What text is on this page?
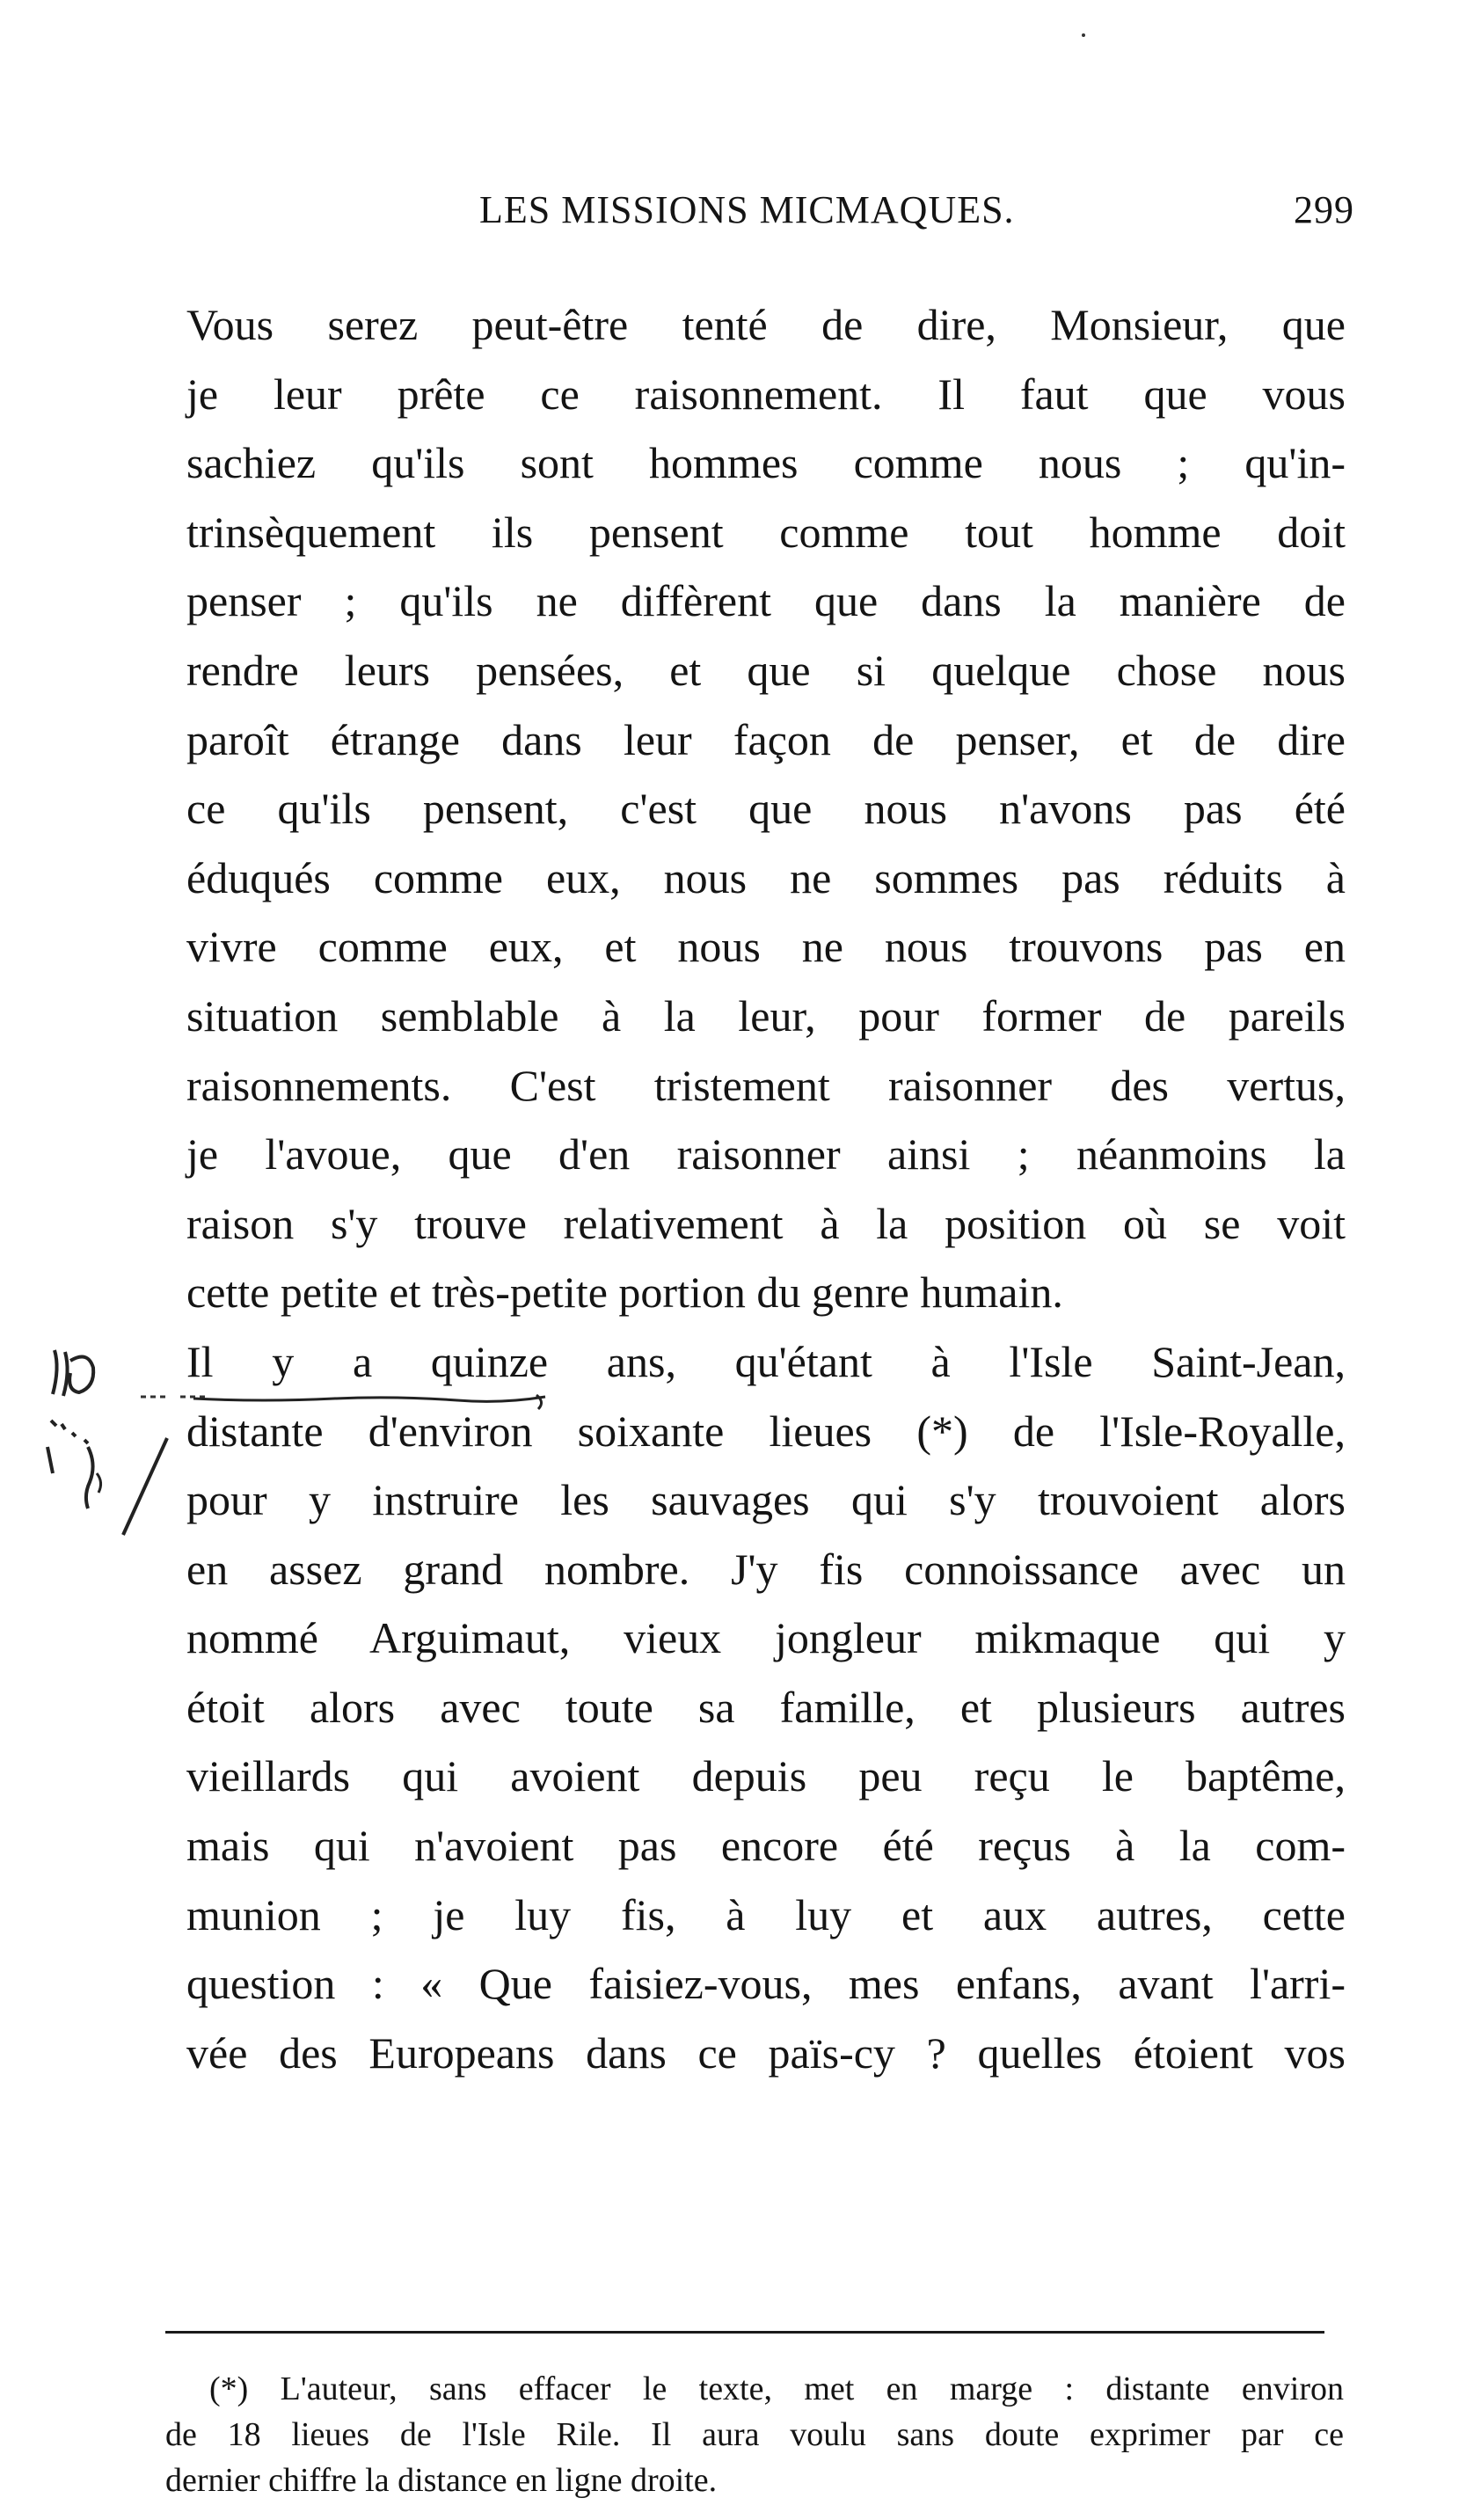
LES MISSIONS MICMAQUES.	299
Vous serez peut-être tenté de dire, Monsieur, que
je leur prête ce raisonnement. Il faut que vous
sachiez qu'ils sont hommes comme nous ; qu'in-
trinsèquement ils pensent comme tout homme doit
penser ; qu'ils ne diffèrent que dans la manière de
rendre leurs pensées, et que si quelque chose nous
paroît étrange dans leur façon de penser, et de dire
ce qu'ils pensent, c'est que nous n'avons pas été
éduqués comme eux, nous ne sommes pas réduits à
vivre comme eux, et nous ne nous trouvons pas en
situation semblable à la leur, pour former de pareils
raisonnements. C'est tristement raisonner des vertus,
je l'avoue, que d'en raisonner ainsi ; néanmoins la
raison s'y trouve relativement à la position où se voit
cette petite et très-petite portion du genre humain.
Il y a quinze ans, qu'étant à l'Isle Saint-Jean,
distante d'environ soixante lieues (*) de l'Isle-Royalle,
pour y instruire les sauvages qui s'y trouvoient alors
en assez grand nombre. J'y fis connoissance avec un
nommé Arguimaut, vieux jongleur mikmaque qui y
étoit alors avec toute sa famille, et plusieurs autres
vieillards qui avoient depuis peu reçu le baptême,
mais qui n'avoient pas encore été reçus à la com-
munion ; je luy fis, à luy et aux autres, cette
question : « Que faisiez-vous, mes enfans, avant l'arri-
vée des Europeans dans ce païs-cy ? quelles étoient vos
(*) L'auteur, sans effacer le texte, met en marge : distante environ
de 18 lieues de l'Isle Rile. Il aura voulu sans doute exprimer par ce
dernier chiffre la distance en ligne droite.
